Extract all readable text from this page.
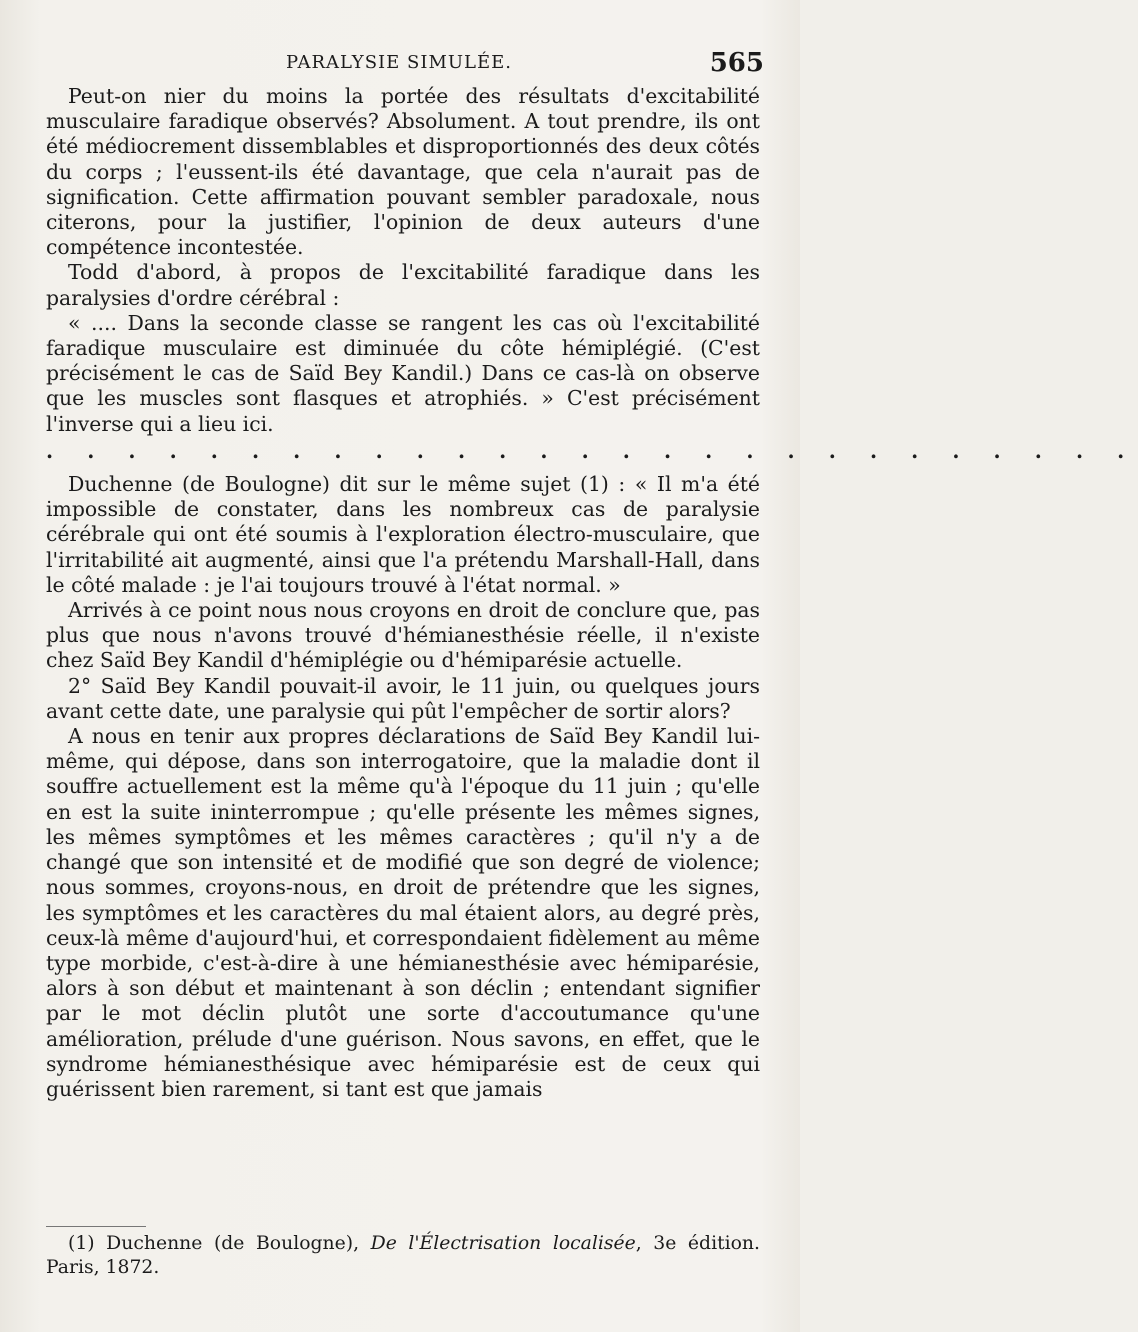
PARALYSIE SIMULÉE.	565

Peut-on nier du moins la portée des résultats d'excitabilité musculaire faradique observés? Absolument. A tout prendre, ils ont été médiocrement dissemblables et disproportionnés des deux côtés du corps ; l'eussent-ils été davantage, que cela n'aurait pas de signification. Cette affirmation pouvant sembler paradoxale, nous citerons, pour la justifier, l'opinion de deux auteurs d'une compétence incontestée.

Todd d'abord, à propos de l'excitabilité faradique dans les paralysies d'ordre cérébral :

« .... Dans la seconde classe se rangent les cas où l'excitabilité faradique musculaire est diminuée du côte hémiplégié. (C'est précisément le cas de Saïd Bey Kandil.) Dans ce cas-là on observe que les muscles sont flasques et atrophiés. » C'est précisément l'inverse qui a lieu ici.

. . . . . . . . . . . . . . . . . . . . . . . . . . .

Duchenne (de Boulogne) dit sur le même sujet (1) : « Il m'a été impossible de constater, dans les nombreux cas de paralysie cérébrale qui ont été soumis à l'exploration électro-musculaire, que l'irritabilité ait augmenté, ainsi que l'a prétendu Marshall-Hall, dans le côté malade : je l'ai toujours trouvé à l'état normal. »

Arrivés à ce point nous nous croyons en droit de conclure que, pas plus que nous n'avons trouvé d'hémianesthésie réelle, il n'existe chez Saïd Bey Kandil d'hémiplégie ou d'hémiparésie actuelle.

2° Saïd Bey Kandil pouvait-il avoir, le 11 juin, ou quelques jours avant cette date, une paralysie qui pût l'empêcher de sortir alors?

A nous en tenir aux propres déclarations de Saïd Bey Kandil lui-même, qui dépose, dans son interrogatoire, que la maladie dont il souffre actuellement est la même qu'à l'époque du 11 juin ; qu'elle en est la suite ininterrompue ; qu'elle présente les mêmes signes, les mêmes symptômes et les mêmes caractères ; qu'il n'y a de changé que son intensité et de modifié que son degré de violence; nous sommes, croyons-nous, en droit de prétendre que les signes, les symptômes et les caractères du mal étaient alors, au degré près, ceux-là même d'aujourd'hui, et correspondaient fidèlement au même type morbide, c'est-à-dire à une hémianesthésie avec hémiparésie, alors à son début et maintenant à son déclin ; entendant signifier par le mot déclin plutôt une sorte d'accoutumance qu'une amélioration, prélude d'une guérison. Nous savons, en effet, que le syndrome hémianesthésique avec hémiparésie est de ceux qui guérissent bien rarement, si tant est que jamais

(1) Duchenne (de Boulogne), De l'Électrisation localisée, 3e édition. Paris, 1872.
